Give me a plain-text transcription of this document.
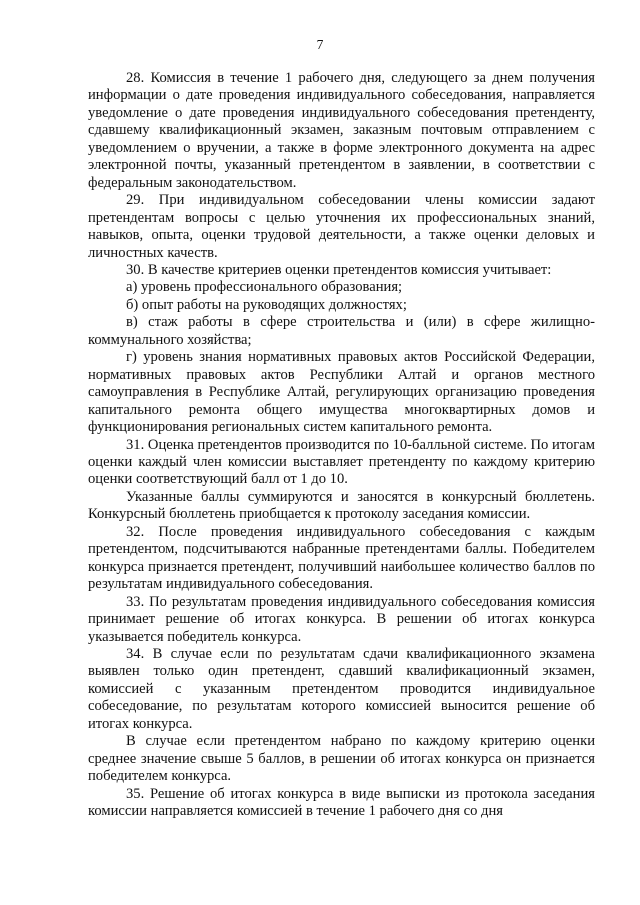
7

28. Комиссия в течение 1 рабочего дня, следующего за днем получения информации о дате проведения индивидуального собеседования, направляется уведомление о дате проведения индивидуального собеседования претенденту, сдавшему квалификационный экзамен, заказным почтовым отправлением с уведомлением о вручении, а также в форме электронного документа на адрес электронной почты, указанный претендентом в заявлении, в соответствии с федеральным законодательством.

29. При индивидуальном собеседовании члены комиссии задают претендентам вопросы с целью уточнения их профессиональных знаний, навыков, опыта, оценки трудовой деятельности, а также оценки деловых и личностных качеств.

30. В качестве критериев оценки претендентов комиссия учитывает:

а) уровень профессионального образования;

б) опыт работы на руководящих должностях;

в) стаж работы в сфере строительства и (или) в сфере жилищно-коммунального хозяйства;

г) уровень знания нормативных правовых актов Российской Федерации, нормативных правовых актов Республики Алтай и органов местного самоуправления в Республике Алтай, регулирующих организацию проведения капитального ремонта общего имущества многоквартирных домов и функционирования региональных систем капитального ремонта.

31. Оценка претендентов производится по 10-балльной системе. По итогам оценки каждый член комиссии выставляет претенденту по каждому критерию оценки соответствующий балл от 1 до 10.

Указанные баллы суммируются и заносятся в конкурсный бюллетень. Конкурсный бюллетень приобщается к протоколу заседания комиссии.

32. После проведения индивидуального собеседования с каждым претендентом, подсчитываются набранные претендентами баллы. Победителем конкурса признается претендент, получивший наибольшее количество баллов по результатам индивидуального собеседования.

33. По результатам проведения индивидуального собеседования комиссия принимает решение об итогах конкурса. В решении об итогах конкурса указывается победитель конкурса.

34. В случае если по результатам сдачи квалификационного экзамена выявлен только один претендент, сдавший квалификационный экзамен, комиссией с указанным претендентом проводится индивидуальное собеседование, по результатам которого комиссией выносится решение об итогах конкурса.

В случае если претендентом набрано по каждому критерию оценки среднее значение свыше 5 баллов, в решении об итогах конкурса он признается победителем конкурса.

35. Решение об итогах конкурса в виде выписки из протокола заседания комиссии направляется комиссией в течение 1 рабочего дня со дня
